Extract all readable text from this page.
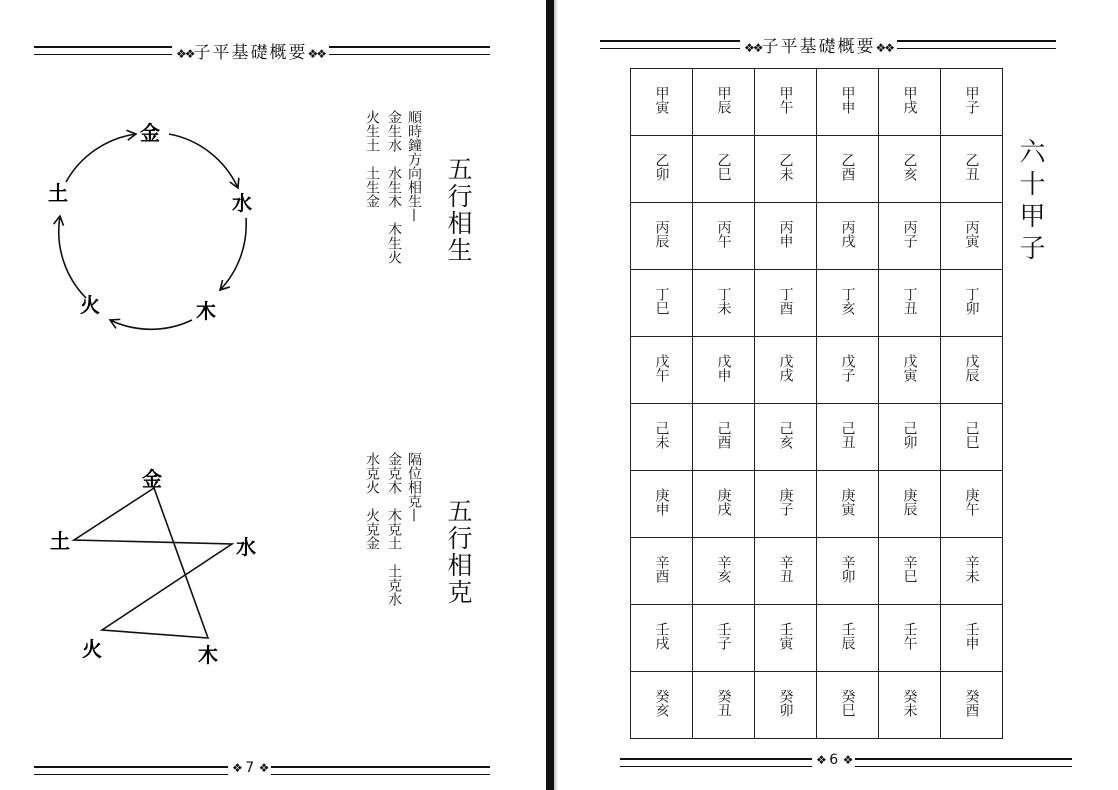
❖❖子平基礎概要❖❖
金
水
木
火
土	五行相生
順時鐘方向相生—
金生水　水生木　木生火
火生土　土生金
金
水
木
火
土	五行相克
隔位相克—
金克木　木克土　土克水
水克火　火克金
❖ 7 ❖
❖❖子平基礎概要❖❖
甲寅	甲辰	甲午	甲申	甲戌	甲子
乙卯	乙巳	乙未	乙酉	乙亥	乙丑
丙辰	丙午	丙申	丙戌	丙子	丙寅
丁巳	丁未	丁酉	丁亥	丁丑	丁卯
戊午	戊申	戊戌	戊子	戊寅	戊辰
己未	己酉	己亥	己丑	己卯	己巳
庚申	庚戌	庚子	庚寅	庚辰	庚午
辛酉	辛亥	辛丑	辛卯	辛巳	辛未
壬戌	壬子	壬寅	壬辰	壬午	壬申
癸亥	癸丑	癸卯	癸巳	癸未	癸酉
六十甲子
❖ 6 ❖
